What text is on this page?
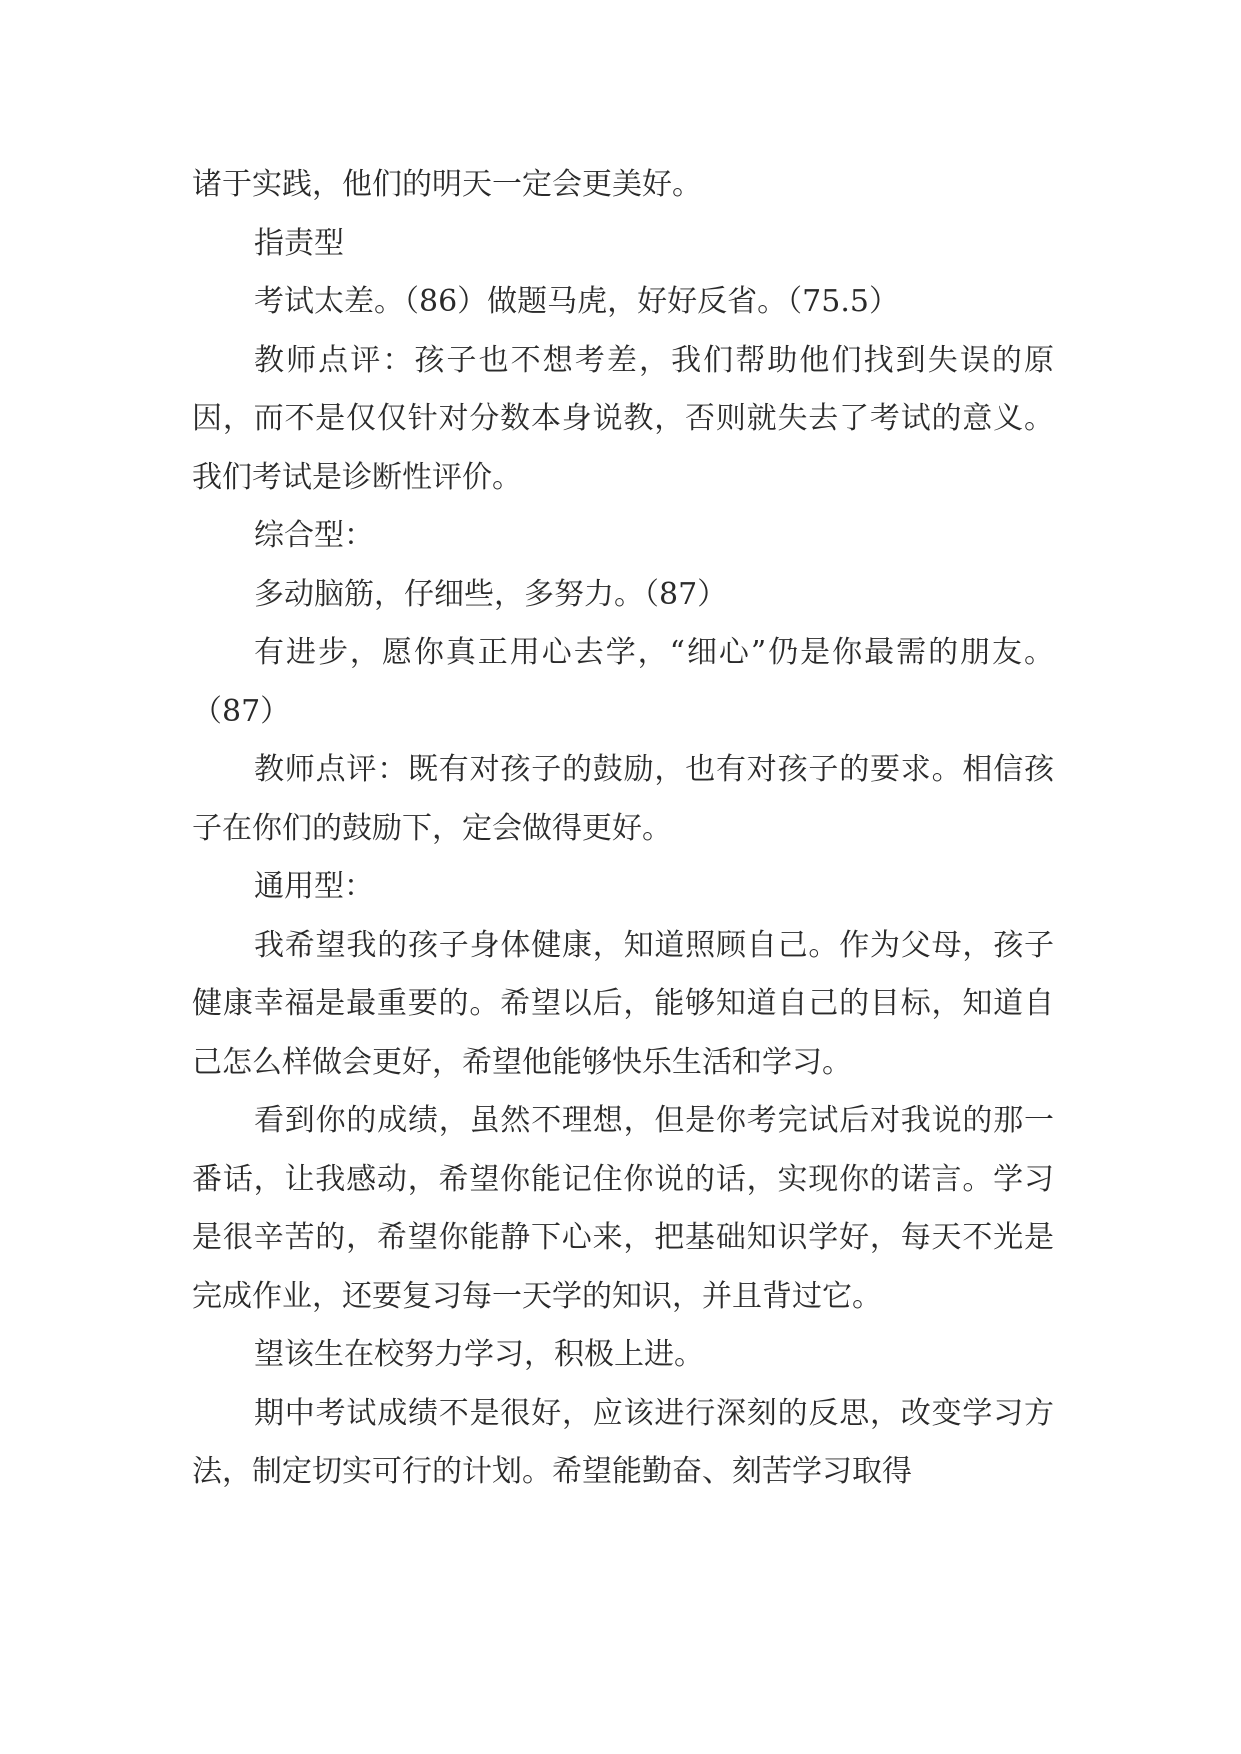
诸于实践，他们的明天一定会更美好。

指责型

考试太差。（86）做题马虎，好好反省。（75.5）

教师点评：孩子也不想考差，我们帮助他们找到失误的原因，而不是仅仅针对分数本身说教，否则就失去了考试的意义。我们考试是诊断性评价。

综合型：

多动脑筋，仔细些，多努力。（87）

有进步，愿你真正用心去学，“细心”仍是你最需的朋友。（87）

教师点评：既有对孩子的鼓励，也有对孩子的要求。相信孩子在你们的鼓励下，定会做得更好。

通用型：

我希望我的孩子身体健康，知道照顾自己。作为父母，孩子健康幸福是最重要的。希望以后，能够知道自己的目标，知道自己怎么样做会更好，希望他能够快乐生活和学习。

看到你的成绩，虽然不理想，但是你考完试后对我说的那一番话，让我感动，希望你能记住你说的话，实现你的诺言。学习是很辛苦的，希望你能静下心来，把基础知识学好，每天不光是完成作业，还要复习每一天学的知识，并且背过它。

望该生在校努力学习，积极上进。

期中考试成绩不是很好，应该进行深刻的反思，改变学习方法，制定切实可行的计划。希望能勤奋、刻苦学习取得
